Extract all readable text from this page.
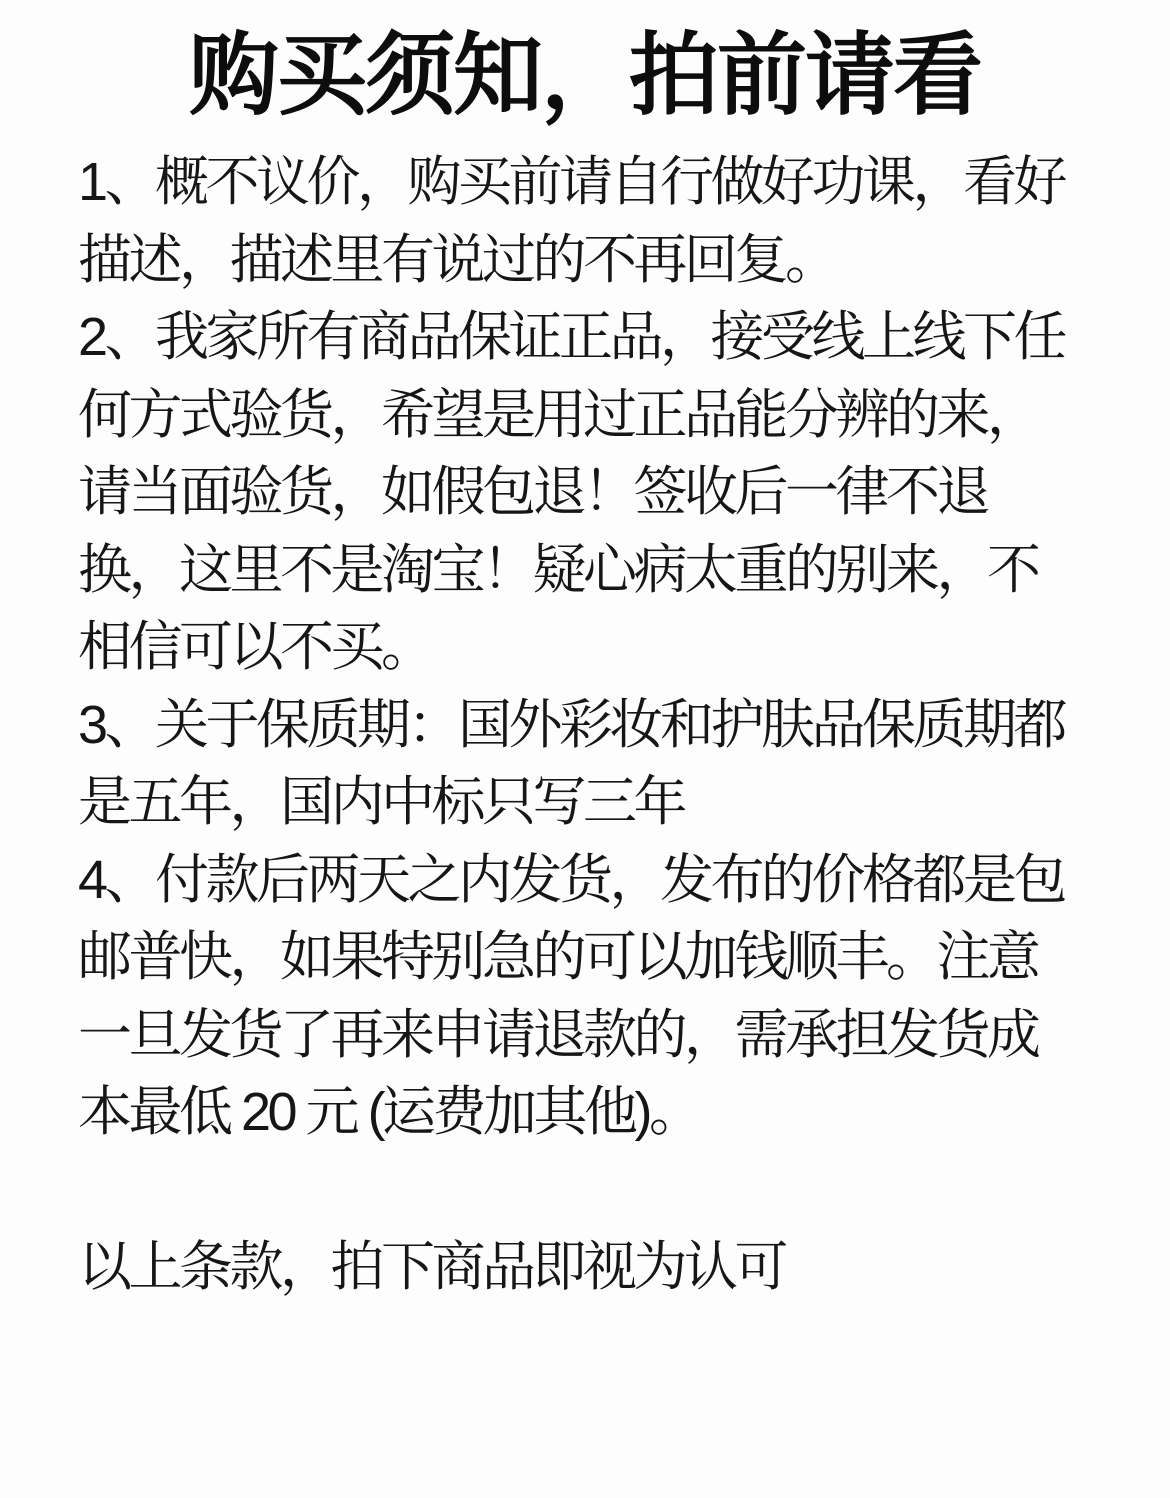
购买须知，拍前请看
1、概不议价，购买前请自行做好功课，看好
描述，描述里有说过的不再回复。
2、我家所有商品保证正品，接受线上线下任
何方式验货，希望是用过正品能分辨的来，
请当面验货，如假包退！签收后一律不退
换，这里不是淘宝！疑心病太重的别来，不
相信可以不买。
3、关于保质期：国外彩妆和护肤品保质期都
是五年，国内中标只写三年
4、付款后两天之内发货，发布的价格都是包
邮普快，如果特别急的可以加钱顺丰。注意
一旦发货了再来申请退款的，需承担发货成
本最低 20 元 (运费加其他)。

以上条款，拍下商品即视为认可
